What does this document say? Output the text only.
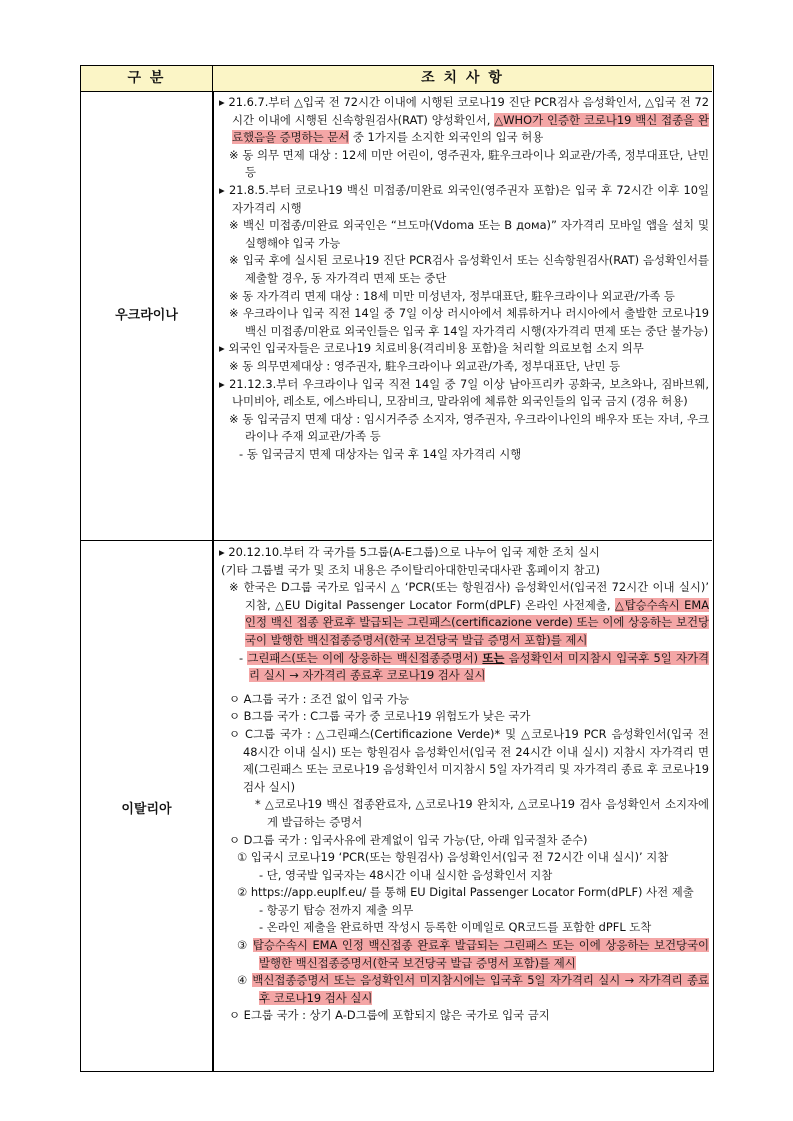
구 분	조 치 사 항
우크라이나

▸ 21.6.7.부터 △입국 전 72시간 이내에 시행된 코로나19 진단 PCR검사 음성확인서, △입국 전 72시간 이내에 시행된 신속항원검사(RAT) 양성확인서, △WHO가 인증한 코로나19 백신 접종을 완료했음을 증명하는 문서 중 1가지를 소지한 외국인의 입국 허용

※ 동 의무 면제 대상 : 12세 미만 어린이, 영주권자, 駐우크라이나 외교관/가족, 정부대표단, 난민 등

▸ 21.8.5.부터 코로나19 백신 미접종/미완료 외국인(영주권자 포함)은 입국 후 72시간 이후 10일 자가격리 시행

※ 백신 미접종/미완료 외국인은 “브도마(Vdoma 또는 В дома)” 자가격리 모바일 앱을 설치 및 실행해야 입국 가능

※ 입국 후에 실시된 코로나19 진단 PCR검사 음성확인서 또는 신속항원검사(RAT) 음성확인서를 제출할 경우, 동 자가격리 면제 또는 중단

※ 동 자가격리 면제 대상 : 18세 미만 미성년자, 정부대표단, 駐우크라이나 외교관/가족 등

※ 우크라이나 입국 직전 14일 중 7일 이상 러시아에서 체류하거나 러시아에서 출발한 코로나19 백신 미접종/미완료 외국인들은 입국 후 14일 자가격리 시행(자가격리 면제 또는 중단 불가능)

▸ 외국인 입국자들은 코로나19 치료비용(격리비용 포함)을 처리할 의료보험 소지 의무

※ 동 의무면제대상 : 영주권자, 駐우크라이나 외교관/가족, 정부대표단, 난민 등

▸ 21.12.3.부터 우크라이나 입국 직전 14일 중 7일 이상 남아프리카 공화국, 보츠와나, 짐바브웨, 나미비아, 레소토, 에스바티니, 모잠비크, 말라위에 체류한 외국인들의 입국 금지 (경유 허용)

※ 동 입국금지 면제 대상 : 임시거주증 소지자, 영주권자, 우크라이나인의 배우자 또는 자녀, 우크라이나 주재 외교관/가족 등

- 동 입국금지 면제 대상자는 입국 후 14일 자가격리 시행

이탈리아

▸ 20.12.10.부터 각 국가를 5그룹(A-E그룹)으로 나누어 입국 제한 조치 실시

(기타 그룹별 국가 및 조치 내용은 주이탈리아대한민국대사관 홈페이지 참고)

※ 한국은 D그룹 국가로 입국시 △ ‘PCR(또는 항원검사) 음성확인서(입국전 72시간 이내 실시)’ 지참, △EU Digital Passenger Locator Form(dPLF) 온라인 사전제출, △탑승수속시 EMA 인정 백신 접종 완료후 발급되는 그린패스(certificazione verde) 또는 이에 상응하는 보건당국이 발행한 백신접종증명서(한국 보건당국 발급 증명서 포함)를 제시

- 그린패스(또는 이에 상응하는 백신접종증명서) 또는 음성확인서 미지참시 입국후 5일 자가격리 실시 → 자가격리 종료후 코로나19 검사 실시

ㅇ A그룹 국가 : 조건 없이 입국 가능

ㅇ B그룹 국가 : C그룹 국가 중 코로나19 위험도가 낮은 국가

ㅇ C그룹 국가 : △그린패스(Certificazione Verde)* 및 △코로나19 PCR 음성확인서(입국 전 48시간 이내 실시) 또는 항원검사 음성확인서(입국 전 24시간 이내 실시) 지참시 자가격리 면제(그린패스 또는 코로나19 음성확인서 미지참시 5일 자가격리 및 자가격리 종료 후 코로나19 검사 실시)

* △코로나19 백신 접종완료자, △코로나19 완치자, △코로나19 검사 음성확인서 소지자에게 발급하는 증명서

ㅇ D그룹 국가 : 입국사유에 관계없이 입국 가능(단, 아래 입국절차 준수)

① 입국시 코로나19 ‘PCR(또는 항원검사) 음성확인서(입국 전 72시간 이내 실시)’ 지참

- 단, 영국발 입국자는 48시간 이내 실시한 음성확인서 지참

② https://app.euplf.eu/ 를 통해 EU Digital Passenger Locator Form(dPLF) 사전 제출

- 항공기 탑승 전까지 제출 의무

- 온라인 제출을 완료하면 작성시 등록한 이메일로 QR코드를 포함한 dPFL 도착

③ 탑승수속시 EMA 인정 백신접종 완료후 발급되는 그린패스 또는 이에 상응하는 보건당국이 발행한 백신접종증명서(한국 보건당국 발급 증명서 포함)를 제시

④ 백신접종증명서 또는 음성확인서 미지참시에는 입국후 5일 자가격리 실시 → 자가격리 종료후 코로나19 검사 실시

ㅇ E그룹 국가 : 상기 A-D그룹에 포함되지 않은 국가로 입국 금지
